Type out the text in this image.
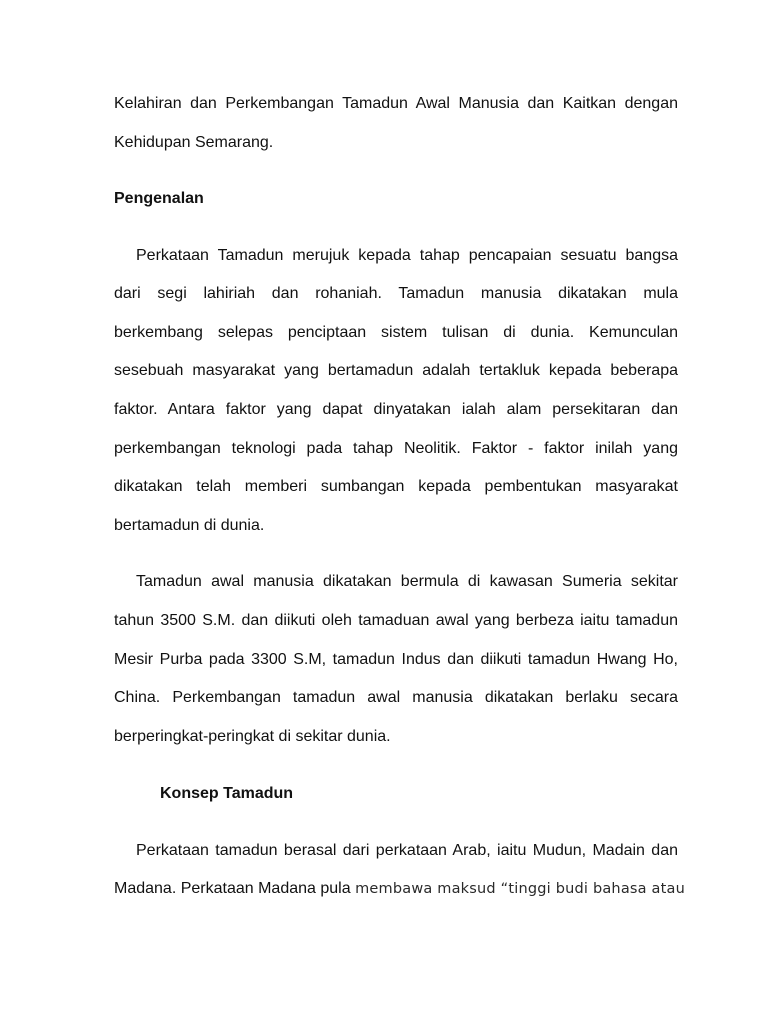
Kelahiran dan Perkembangan Tamadun Awal Manusia dan Kaitkan dengan
Kehidupan Semarang.
Pengenalan
Perkataan Tamadun merujuk kepada tahap pencapaian sesuatu bangsa
dari segi lahiriah dan rohaniah. Tamadun manusia dikatakan mula
berkembang selepas penciptaan sistem tulisan di dunia. Kemunculan
sesebuah masyarakat yang bertamadun adalah tertakluk kepada beberapa
faktor. Antara faktor yang dapat dinyatakan ialah alam persekitaran dan
perkembangan teknologi pada tahap Neolitik. Faktor - faktor inilah yang
dikatakan telah memberi sumbangan kepada pembentukan masyarakat
bertamadun di dunia.
Tamadun awal manusia dikatakan bermula di kawasan Sumeria sekitar
tahun 3500 S.M. dan diikuti oleh tamaduan awal yang berbeza iaitu tamadun
Mesir Purba pada 3300 S.M, tamadun Indus dan diikuti tamadun Hwang Ho,
China. Perkembangan tamadun awal manusia dikatakan berlaku secara
berperingkat-peringkat di sekitar dunia.
Konsep Tamadun
Perkataan tamadun berasal dari perkataan Arab, iaitu Mudun, Madain dan
Madana. Perkataan Madana pula membawa maksud “tinggi budi bahasa atau
